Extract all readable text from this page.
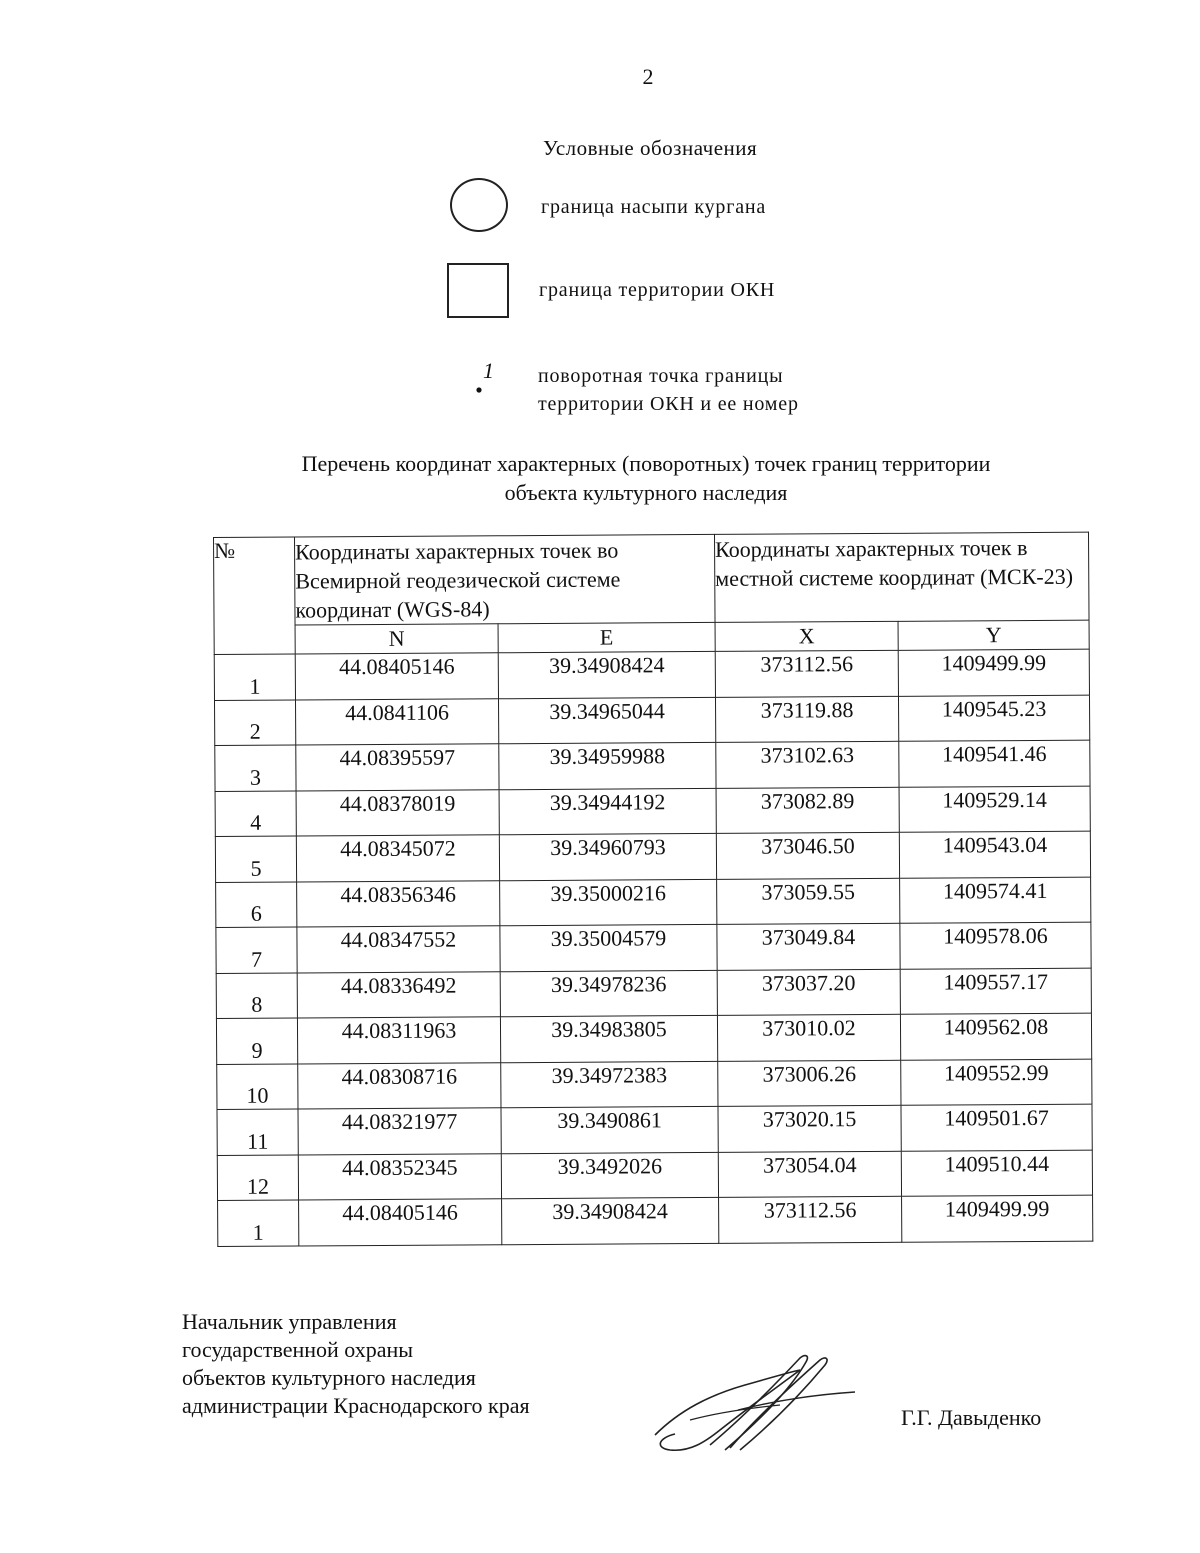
2
Условные обозначения
граница насыпи кургана
граница территории ОКН
1 поворотная точка границы
территории ОКН и ее номер
Перечень координат характерных (поворотных) точек границ территории
объекта культурного наследия
№	Координаты характерных точек во Всемирной геодезической системе координат (WGS-84)		Координаты характерных точек в местной системе координат (МСК-23)	
	N	E	X	Y
1	44.08405146	39.34908424	373112.56	1409499.99
2	44.0841106	39.34965044	373119.88	1409545.23
3	44.08395597	39.34959988	373102.63	1409541.46
4	44.08378019	39.34944192	373082.89	1409529.14
5	44.08345072	39.34960793	373046.50	1409543.04
6	44.08356346	39.35000216	373059.55	1409574.41
7	44.08347552	39.35004579	373049.84	1409578.06
8	44.08336492	39.34978236	373037.20	1409557.17
9	44.08311963	39.34983805	373010.02	1409562.08
10	44.08308716	39.34972383	373006.26	1409552.99
11	44.08321977	39.3490861	373020.15	1409501.67
12	44.08352345	39.3492026	373054.04	1409510.44
1	44.08405146	39.34908424	373112.56	1409499.99
Начальник управления
государственной охраны
объектов культурного наследия
администрации Краснодарского края	Г.Г. Давыденко
